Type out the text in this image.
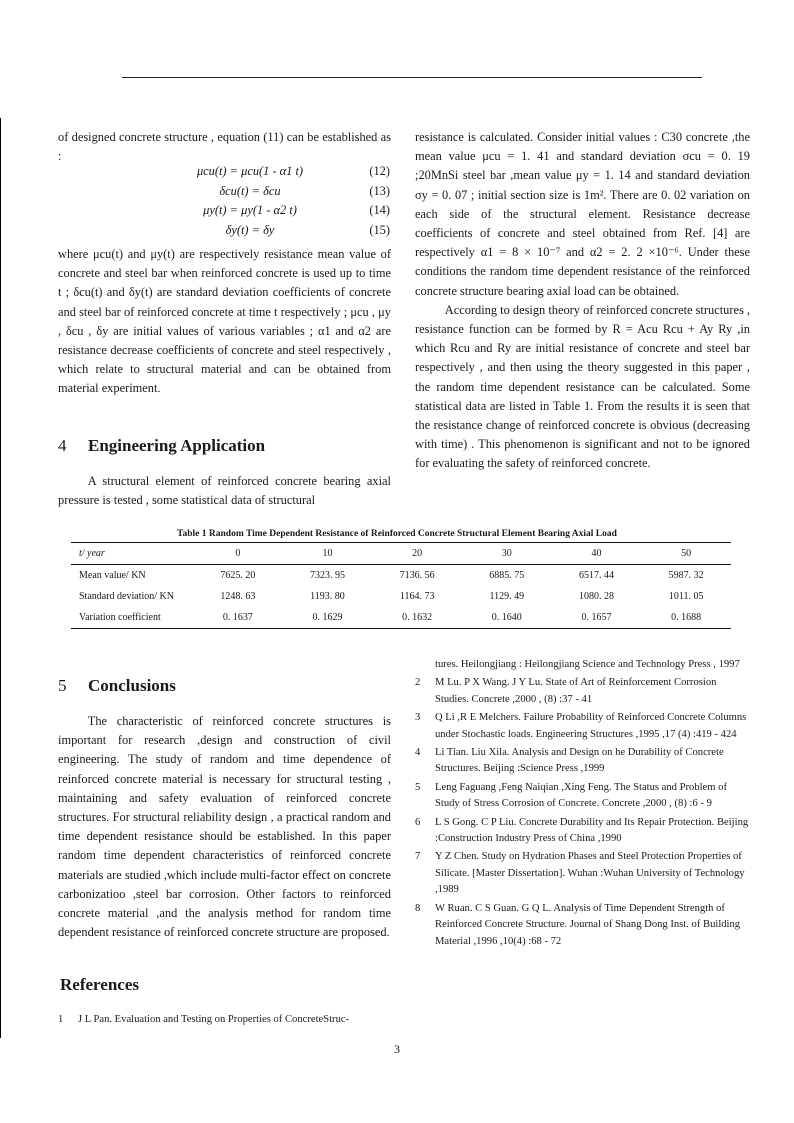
of designed concrete structure , equation (11) can be established as :

μcu(t) = μcu(1 - α1 t)	(12)
δcu(t) = δcu	(13)
μy(t) = μy(1 - α2 t)	(14)
δy(t) = δy	(15)

where μcu(t) and μy(t) are respectively resistance mean value of concrete and steel bar when reinforced concrete is used up to time t ; δcu(t) and δy(t) are standard deviation coefficients of concrete and steel bar of reinforced concrete at time t respectively ; μcu , μy , δcu , δy are initial values of various variables ; α1 and α2 are resistance decrease coefficients of concrete and steel respectively , which relate to structural material and can be obtained from material experiment.

4 Engineering Application

A structural element of reinforced concrete bearing axial pressure is tested , some statistical data of structural

resistance is calculated. Consider initial values : C30 concrete ,the mean value μcu = 1. 41 and standard deviation σcu = 0. 19 ;20MnSi steel bar ,mean value μy = 1. 14 and standard deviation σy = 0. 07 ; initial section size is 1m². There are 0. 02 variation on each side of the structural element. Resistance decrease coefficients of concrete and steel obtained from Ref. [4] are respectively α1 = 8 × 10⁻⁷ and α2 = 2. 2 ×10⁻⁶. Under these conditions the random time dependent resistance of the reinforced concrete structure bearing axial load can be obtained.

According to design theory of reinforced concrete structures , resistance function can be formed by R = Acu Rcu + Ay Ry ,in which Rcu and Ry are initial resistance of concrete and steel bar respectively , and then using the theory suggested in this paper , the random time dependent resistance can be calculated. Some statistical data are listed in Table 1. From the results it is seen that the resistance change of reinforced concrete is obvious (decreasing with time) . This phenomenon is significant and not to be ignored for evaluating the safety of reinforced concrete.

Table 1 Random Time Dependent Resistance of Reinforced Concrete Structural Element Bearing Axial Load
t/ year	0	10	20	30	40	50
Mean value/ KN	7625. 20	7323. 95	7136. 56	6885. 75	6517. 44	5987. 32
Standard deviation/ KN	1248. 63	1193. 80	1164. 73	1129. 49	1080. 28	1011. 05
Variation coefficient	0. 1637	0. 1629	0. 1632	0. 1640	0. 1657	0. 1688
5 Conclusions

The characteristic of reinforced concrete structures is important for research ,design and construction of civil engineering. The study of random and time dependence of reinforced concrete material is necessary for structural testing , maintaining and safety evaluation of reinforced concrete structures. For structural reliability design , a practical random and time dependent resistance should be established. In this paper random time dependent characteristics of reinforced concrete materials are studied ,which include multi-factor effect on concrete carbonizatioo ,steel bar corrosion. Other factors to reinforced concrete material ,and the analysis method for random time dependent resistance of reinforced concrete structure are proposed.

References
1 J L Pan. Evaluation and Testing on Properties of ConcreteStruc-
tures. Heilongjiang : Heilongjiang Science and Technology Press , 1997
2 M Lu. P X Wang. J Y Lu. State of Art of Reinforcement Corrosion Studies. Concrete ,2000 , (8) :37 - 41
3 Q Li ,R E Melchers. Failure Probability of Reinforced Concrete Columns under Stochastic loads. Engineering Structures ,1995 ,17 (4) :419 - 424
4 Li Tian. Liu Xila. Analysis and Design on he Durability of Concrete Structures. Beijing :Science Press ,1999
5 Leng Faguang ,Feng Naiqian ,Xing Feng. The Status and Problem of Study of Stress Corrosion of Concrete. Concrete ,2000 , (8) :6 - 9
6 L S Gong. C P Liu. Concrete Durability and Its Repair Protection. Beijing :Construction Industry Press of China ,1990
7 Y Z Chen. Study on Hydration Phases and Steel Protection Properties of Silicate. [Master Dissertation]. Wuhan :Wuhan University of Technology ,1989
8 W Ruan. C S Guan. G Q L. Analysis of Time Dependent Strength of Reinforced Concrete Structure. Journal of Shang Dong Inst. of Building Material ,1996 ,10(4) :68 - 72
3
